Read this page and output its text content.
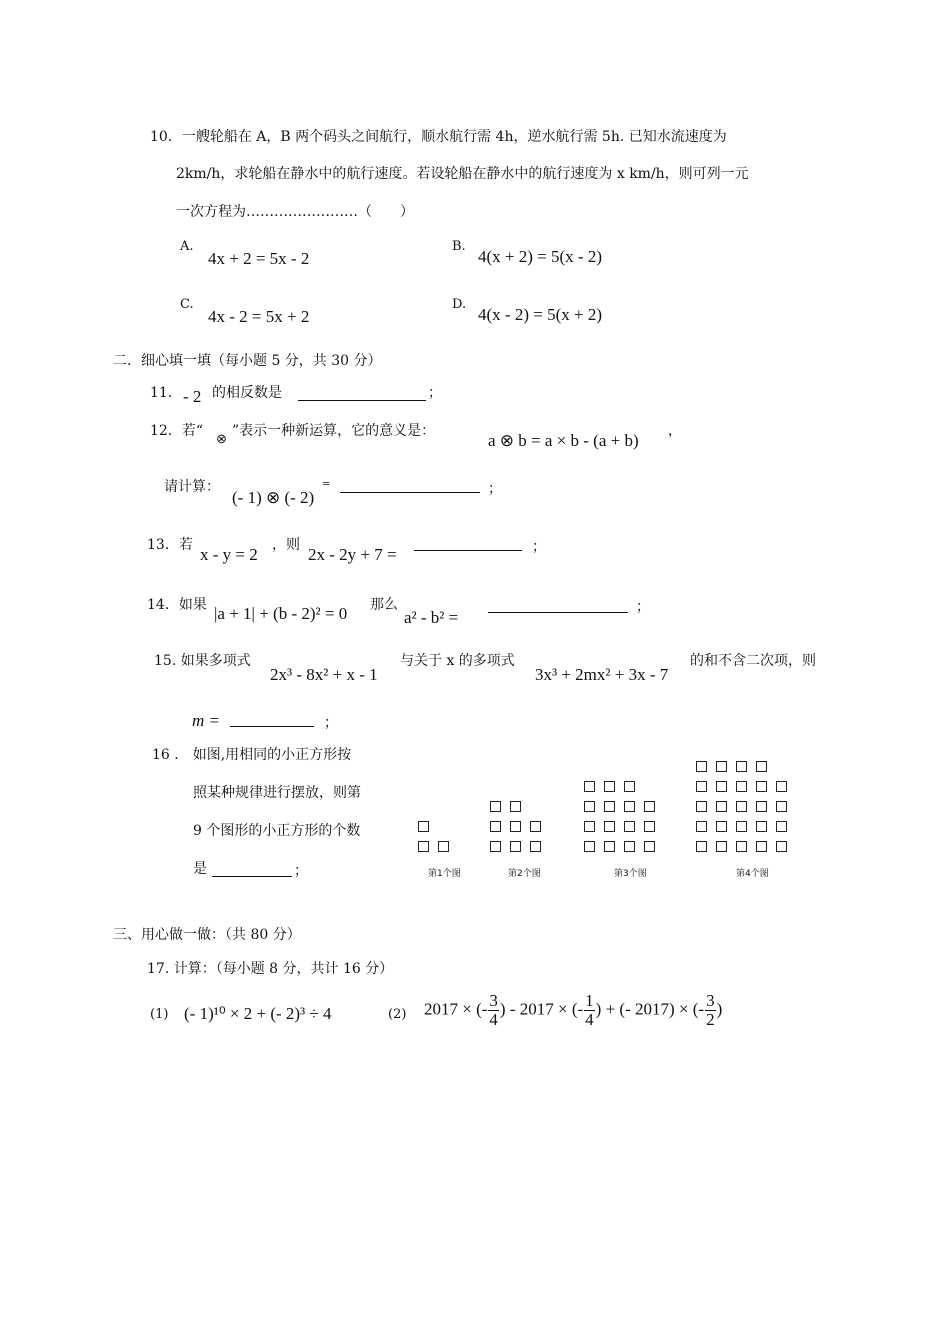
10．一艘轮船在 A，B 两个码头之间航行，顺水航行需 4h，逆水航行需 5h. 已知水流速度为
2km/h，求轮船在静水中的航行速度。若设轮船在静水中的航行速度为 x km/h，则可列一元
一次方程为……………………（　　）
A.
4x + 2 = 5x - 2
B.
4(x + 2) = 5(x - 2)
C.
4x - 2 = 5x + 2
D.
4(x - 2) = 5(x + 2)
二．细心填一填（每小题 5 分，共 30 分）
11． - 2 的相反数是	；
12．若“ ⊗ ”表示一种新运算，它的意义是：	a ⊗ b = a × b - (a + b) ，
请计算：
(- 1) ⊗ (- 2)
=	；
13．若 x - y = 2 ，则 2x - 2y + 7 =	；
14．如果 |a + 1| + (b - 2)² = 0 那么
a² - b² =
；
15. 如果多项式
2x³ - 8x² + x - 1
与关于 x 的多项式
3x³ + 2mx² + 3x - 7
的和不含二次项，则
m =	；
16 ． 如图,用相同的小正方形按
照某种规律进行摆放，则第
9 个图形的小正方形的个数
是	；	第1个图	第2个图	第3个图	第4个图
三、用心做一做：（共 80 分）
17. 计算：（每小题 8 分，共计 16 分）
(1) (- 1)¹⁰ × 2 + (- 2)³ ÷ 4	(2) 2017 × (- $\frac{3}{4}$ ) - 2017 × (- $\frac{1}{4}$ ) + (- 2017) × (- $\frac{3}{2}$ )
